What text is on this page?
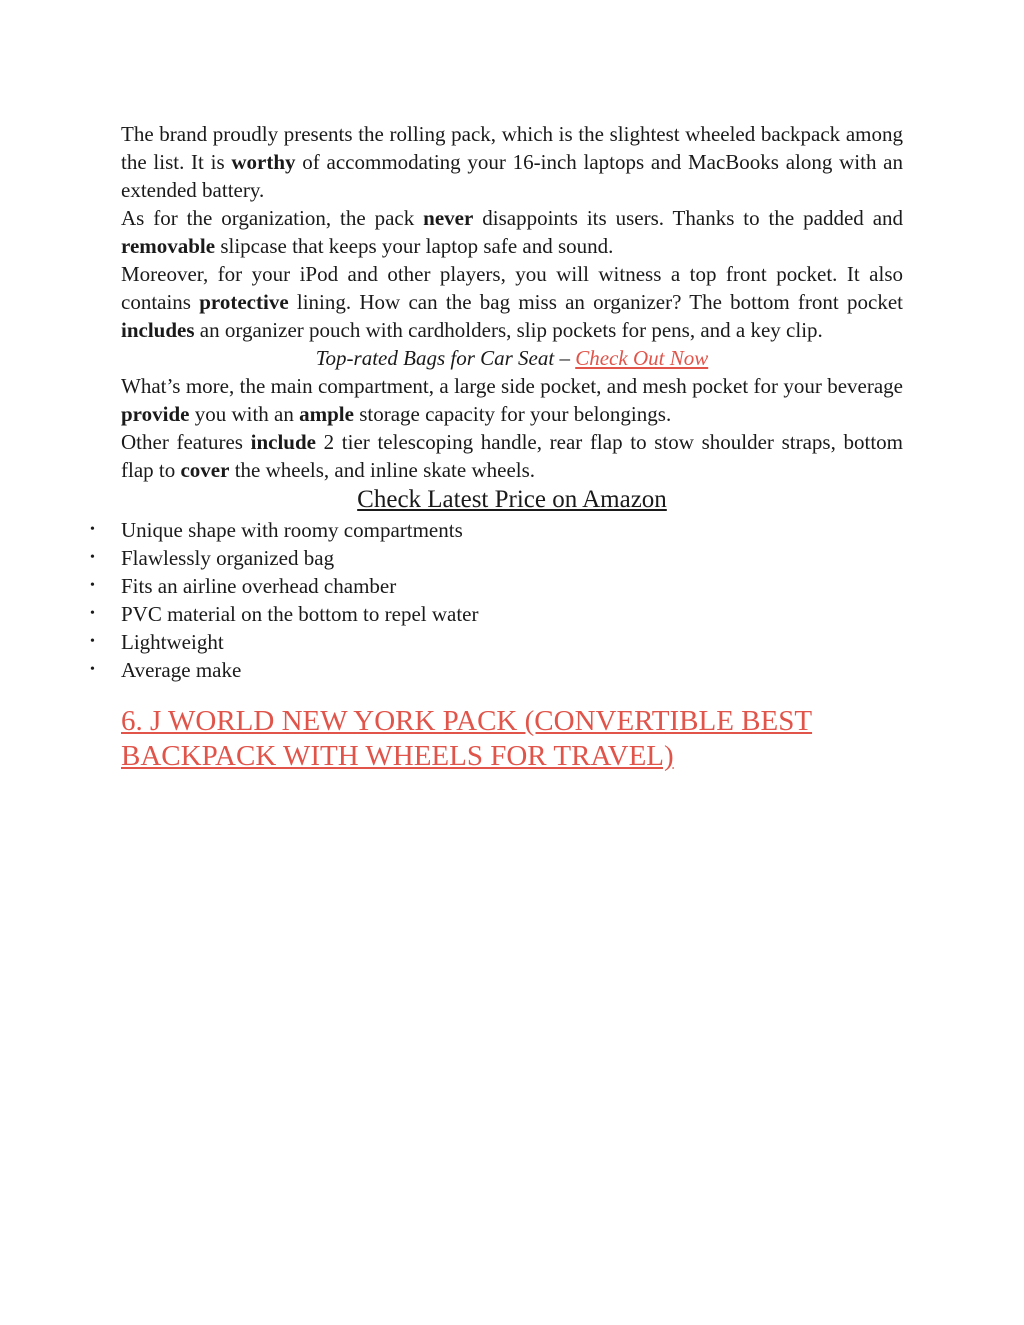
The brand proudly presents the rolling pack, which is the slightest wheeled backpack among the list. It is worthy of accommodating your 16-inch laptops and MacBooks along with an extended battery.

As for the organization, the pack never disappoints its users. Thanks to the padded and removable slipcase that keeps your laptop safe and sound.

Moreover, for your iPod and other players, you will witness a top front pocket. It also contains protective lining. How can the bag miss an organizer? The bottom front pocket includes an organizer pouch with cardholders, slip pockets for pens, and a key clip.

Top-rated Bags for Car Seat – Check Out Now

What’s more, the main compartment, a large side pocket, and mesh pocket for your beverage provide you with an ample storage capacity for your belongings.

Other features include 2 tier telescoping handle, rear flap to stow shoulder straps, bottom flap to cover the wheels, and inline skate wheels.

Check Latest Price on Amazon
• Unique shape with roomy compartments
• Flawlessly organized bag
• Fits an airline overhead chamber
• PVC material on the bottom to repel water
• Lightweight
• Average make
6. J WORLD NEW YORK PACK (CONVERTIBLE BEST BACKPACK WITH WHEELS FOR TRAVEL)
